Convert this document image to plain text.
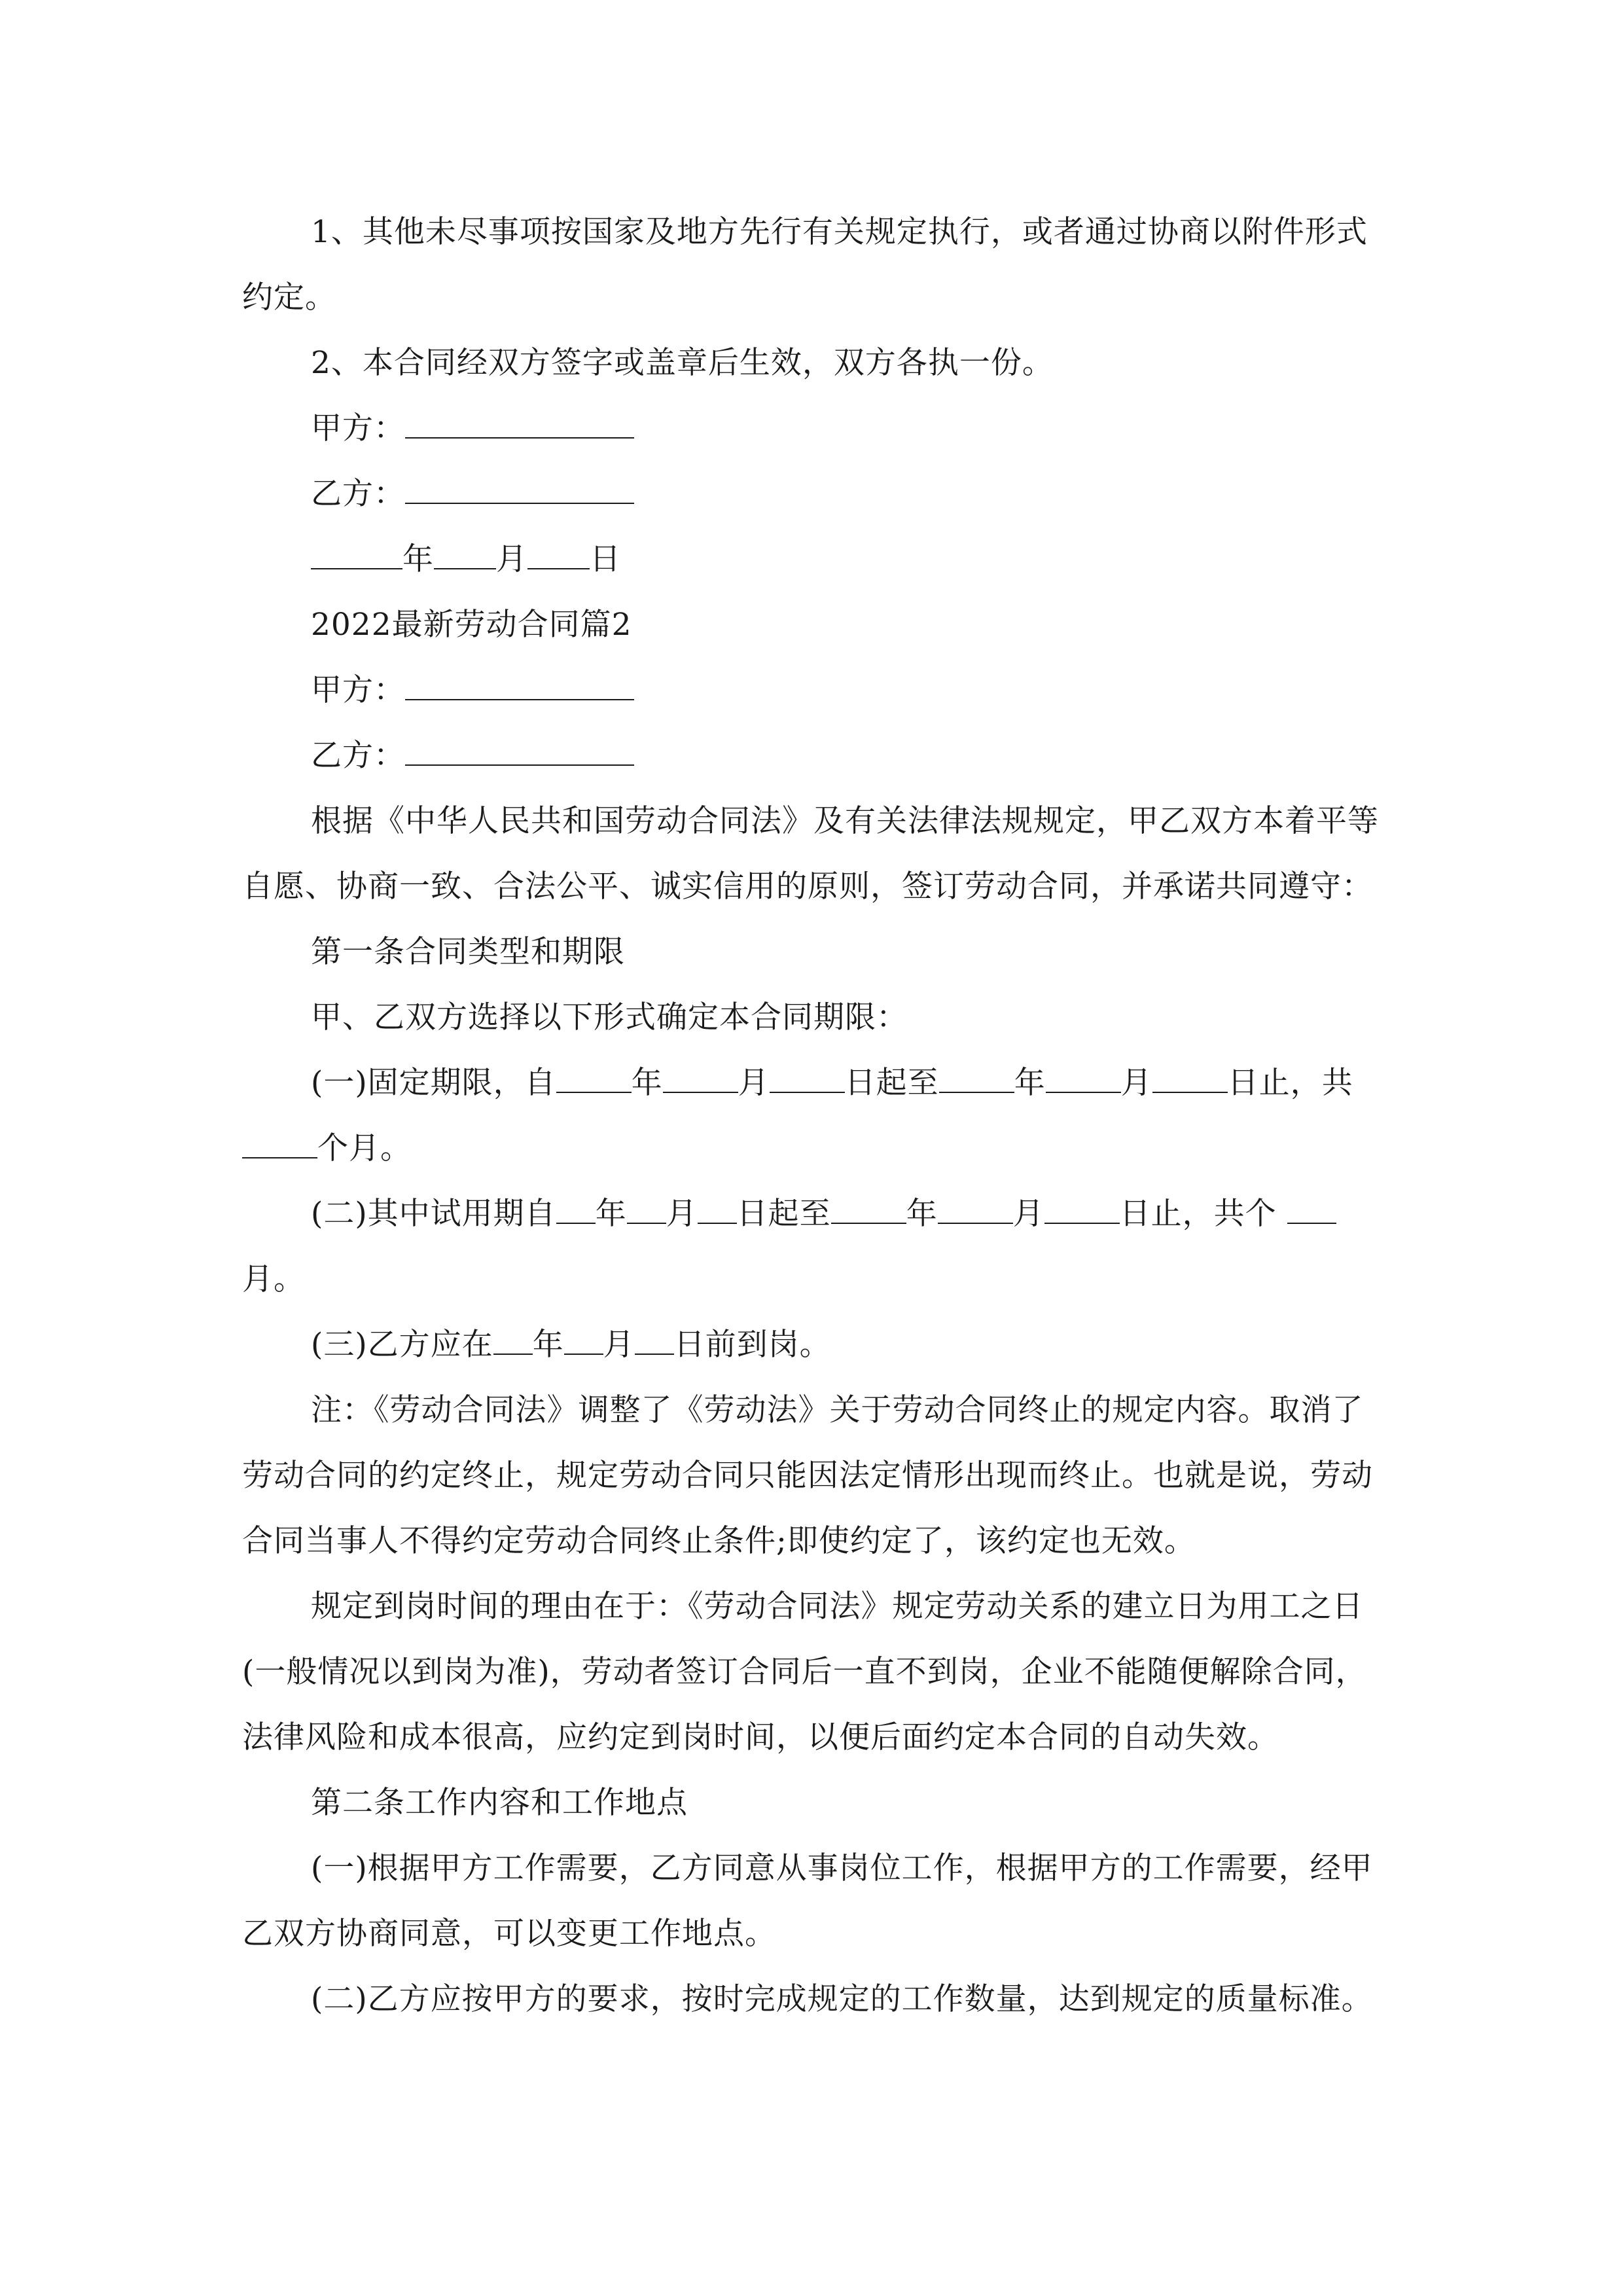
1、其他未尽事项按国家及地方先行有关规定执行，或者通过协商以附件形式约定。

2、本合同经双方签字或盖章后生效，双方各执一份。

甲方：

乙方：

年 月 日

2022最新劳动合同篇2

甲方：

乙方：

根据《中华人民共和国劳动合同法》及有关法律法规规定，甲乙双方本着平等自愿、协商一致、合法公平、诚实信用的原则，签订劳动合同，并承诺共同遵守：

第一条合同类型和期限

甲、乙双方选择以下形式确定本合同期限：

(一)固定期限，自 年 月 日起至 年 月 日止，共个月。

(二)其中试用期自 年 月 日起至 年 月 日止，共个 月。

(三)乙方应在 年 月 日前到岗。

注：《劳动合同法》调整了《劳动法》关于劳动合同终止的规定内容。取消了劳动合同的约定终止，规定劳动合同只能因法定情形出现而终止。也就是说，劳动合同当事人不得约定劳动合同终止条件;即使约定了，该约定也无效。

规定到岗时间的理由在于：《劳动合同法》规定劳动关系的建立日为用工之日(一般情况以到岗为准)，劳动者签订合同后一直不到岗，企业不能随便解除合同，法律风险和成本很高，应约定到岗时间，以便后面约定本合同的自动失效。

第二条工作内容和工作地点

(一)根据甲方工作需要，乙方同意从事岗位工作，根据甲方的工作需要，经甲乙双方协商同意，可以变更工作地点。

(二)乙方应按甲方的要求，按时完成规定的工作数量，达到规定的质量标准。
